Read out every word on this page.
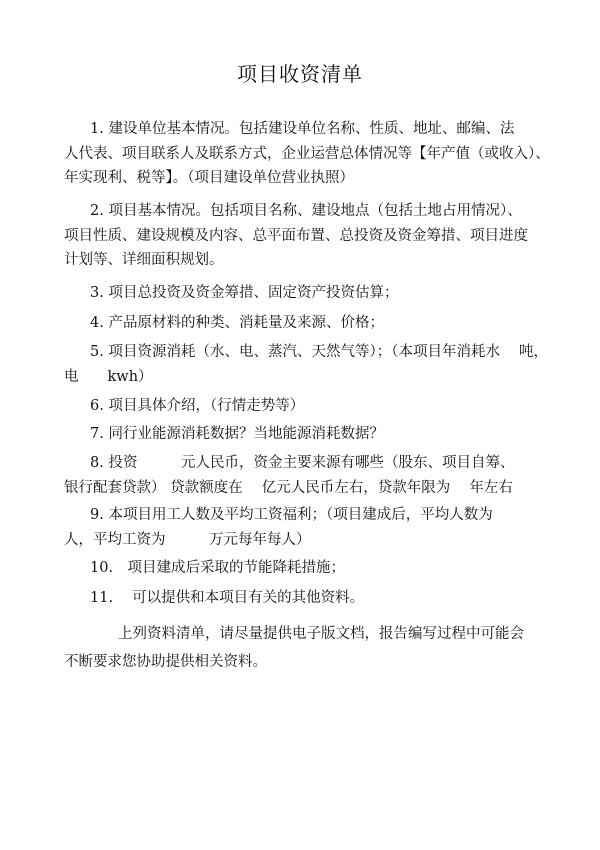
项目收资清单
1. 建设单位基本情况。包括建设单位名称、性质、地址、邮编、法
人代表、项目联系人及联系方式，企业运营总体情况等【年产值（或收入）、
年实现利、税等】。（项目建设单位营业执照）
2. 项目基本情况。包括项目名称、建设地点（包括土地占用情况）、
项目性质、建设规模及内容、总平面布置、总投资及资金筹措、项目进度
计划等、详细面积规划。
3. 项目总投资及资金筹措、固定资产投资估算；
4. 产品原材料的种类、消耗量及来源、价格；
5. 项目资源消耗（水、电、蒸汽、天然气等）；（本项目年消耗水　 吨，
电　　kwh）
6. 项目具体介绍，（行情走势等）
7. 同行业能源消耗数据？当地能源消耗数据？
8. 投资　　　元人民币，资金主要来源有哪些（股东、项目自筹、
银行配套贷款） 贷款额度在　 亿元人民币左右，贷款年限为　 年左右
9. 本项目用工人数及平均工资福利；（项目建成后，平均人数为
人，平均工资为　　　万元每年每人）
10.　项目建成后采取的节能降耗措施；
11.　 可以提供和本项目有关的其他资料。
上列资料清单，请尽量提供电子版文档，报告编写过程中可能会
不断要求您协助提供相关资料。
